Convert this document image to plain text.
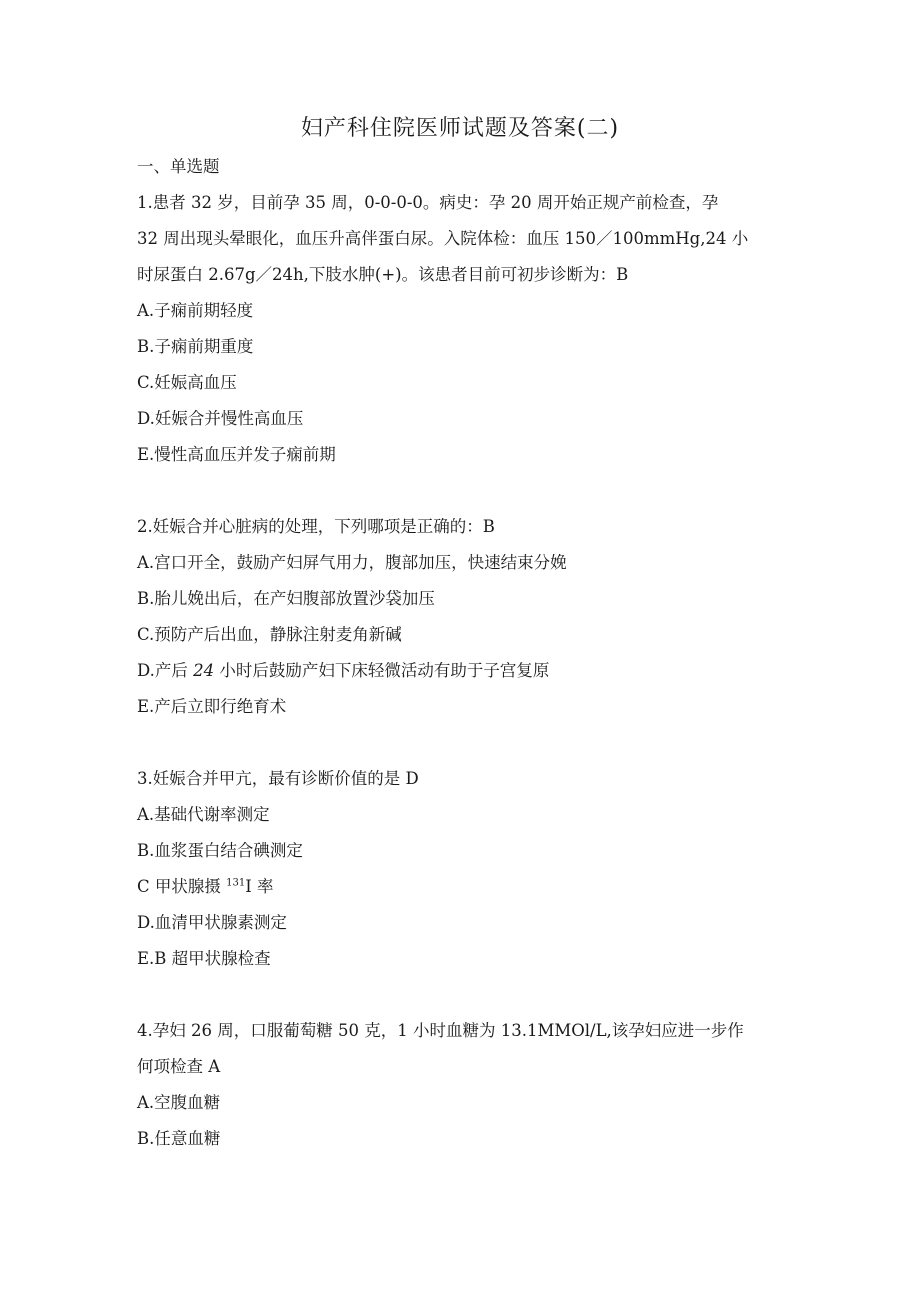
妇产科住院医师试题及答案(二)
一、单选题
1.患者 32 岁，目前孕 35 周，0-0-0-0。病史：孕 20 周开始正规产前检查，孕
32 周出现头晕眼化，血压升高伴蛋白尿。入院体检：血压 150／100mmHg,24 小
时尿蛋白 2.67g／24h,下肢水肿(+)。该患者目前可初步诊断为：B
A.子痫前期轻度
B.子痫前期重度
C.妊娠高血压
D.妊娠合并慢性高血压
E.慢性高血压并发子痫前期
2.妊娠合并心脏病的处理，下列哪项是正确的：B
A.宫口开全，鼓励产妇屏气用力，腹部加压，快速结束分娩
B.胎儿娩出后，在产妇腹部放置沙袋加压
C.预防产后出血，静脉注射麦角新碱
D.产后 24 小时后鼓励产妇下床轻微活动有助于子宫复原
E.产后立即行绝育术
3.妊娠合并甲亢，最有诊断价值的是 D
A.基础代谢率测定
B.血浆蛋白结合碘测定
C 甲状腺摄 $^{131}$I 率
D.血清甲状腺素测定
E.B 超甲状腺检查
4.孕妇 26 周，口服葡萄糖 50 克，1 小时血糖为 13.1MMOl/L,该孕妇应进一步作
何项检查 A
A.空腹血糖
B.任意血糖
